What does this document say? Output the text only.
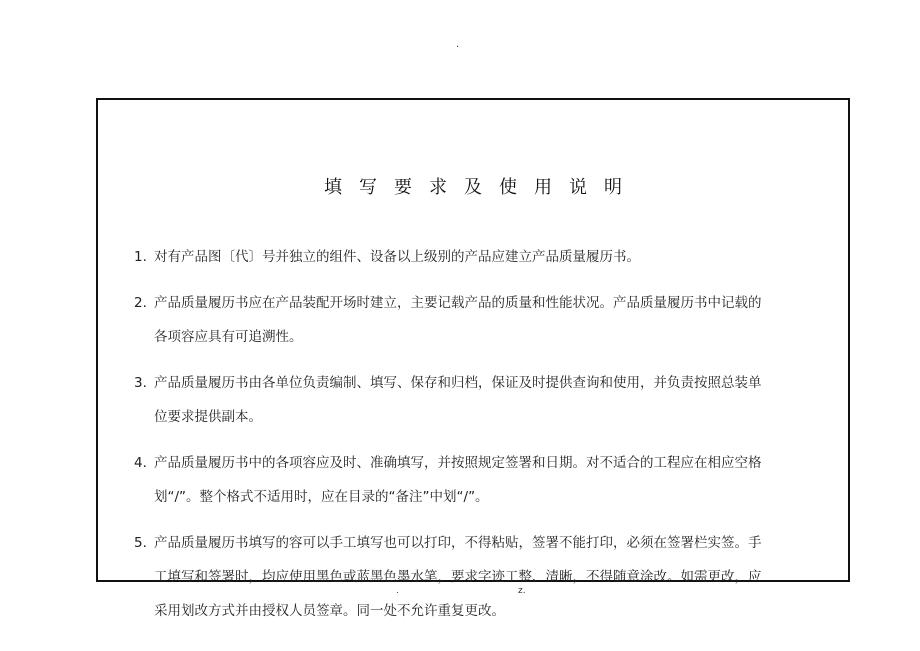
.
填写要求及使用说明
1. 对有产品图〔代〕号并独立的组件、设备以上级别的产品应建立产品质量履历书。
2. 产品质量履历书应在产品装配开场时建立，主要记载产品的质量和性能状况。产品质量履历书中记载的
各项容应具有可追溯性。
3. 产品质量履历书由各单位负责编制、填写、保存和归档，保证及时提供查询和使用，并负责按照总装单
位要求提供副本。
4. 产品质量履历书中的各项容应及时、准确填写，并按照规定签署和日期。对不适合的工程应在相应空格
划“/”。整个格式不适用时，应在目录的“备注”中划“/”。
5. 产品质量履历书填写的容可以手工填写也可以打印，不得粘贴，签署不能打印，必须在签署栏实签。手
工填写和签署时，均应使用黑色或蓝黑色墨水笔，要求字迹工整、清晰，不得随意涂改。如需更改，应
采用划改方式并由授权人员签章。同一处不允许重复更改。
.	z.
